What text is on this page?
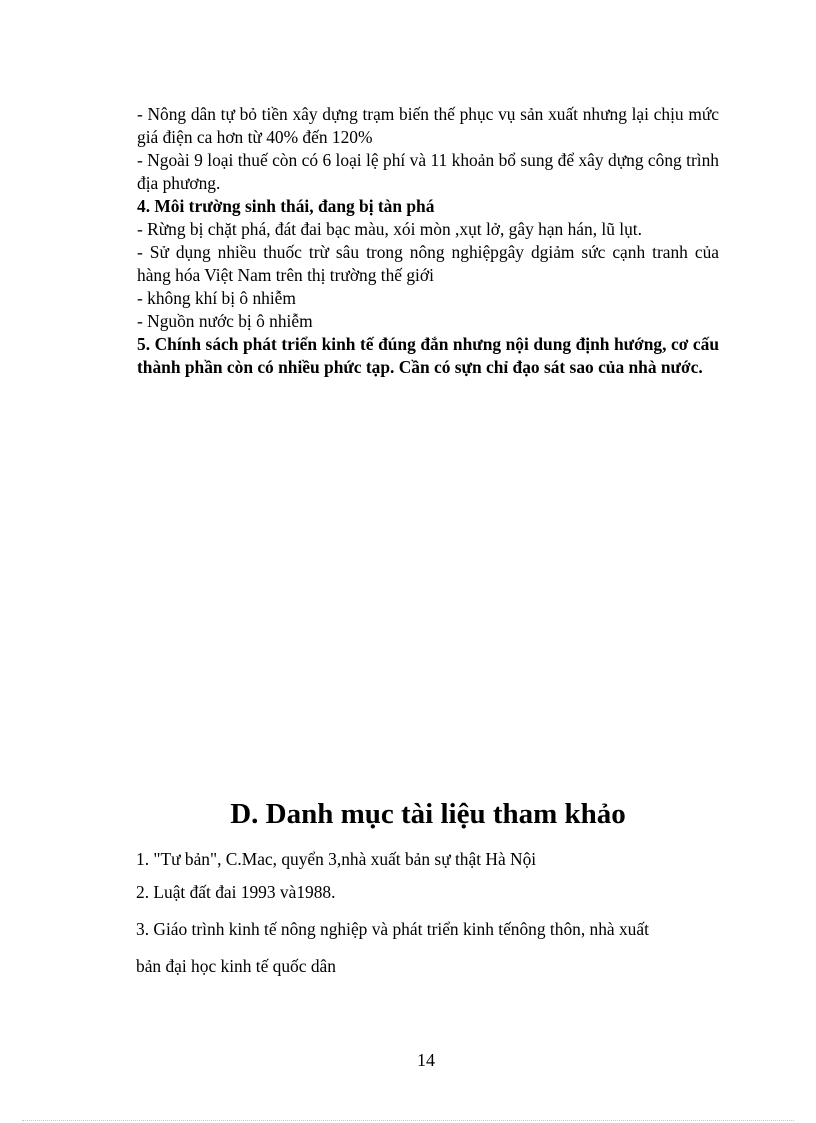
- Nông dân tự bỏ tiền xây dựng trạm biến thế phục vụ sản xuất nhưng lại chịu mức giá điện ca hơn từ 40% đến 120%

- Ngoài 9 loại thuế còn có 6 loại lệ phí và 11 khoản bổ sung để xây dựng công trình địa phương.

4. Môi trường sinh thái, đang bị tàn phá

- Rừng bị chặt phá, đát đai bạc màu, xói mòn ,xụt lở, gây hạn hán, lũ lụt.

- Sử dụng nhiều thuốc trừ sâu trong nông nghiệpgây dgiảm sức cạnh tranh của hàng hóa Việt Nam trên thị trường thế giới

- không khí bị ô nhiễm

- Nguồn nước bị ô nhiễm

5. Chính sách phát triển kinh tế đúng đắn nhưng nội dung định hướng, cơ cấu thành phần còn có nhiều phức tạp. Cần có sựn chỉ đạo sát sao của nhà nước.

D. Danh mục tài liệu tham khảo
1. "Tư bản", C.Mac, quyển 3,nhà xuất bản sự thật Hà Nội
2. Luật đất đai 1993 và1988.
3. Giáo trình kinh tế nông nghiệp và phát triển kinh tếnông thôn, nhà xuất
bản đại học kinh tế quốc dân
14
